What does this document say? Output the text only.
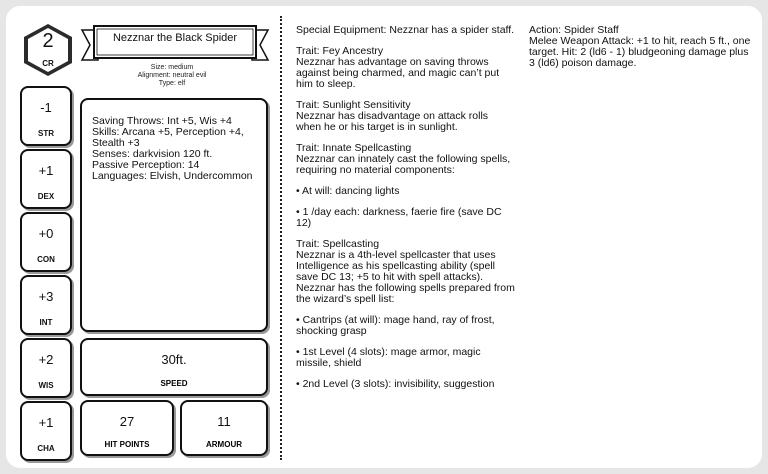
2
CR
Nezznar the Black Spider
Size: medium
Alignment: neutral evil
Type: elf
-1
STR
+1
DEX
+0
CON
+3
INT
+2
WIS
+1
CHA
Saving Throws: Int +5, Wis +4
Skills: Arcana +5, Perception +4,
Stealth +3
Senses: darkvision 120 ft.
Passive Perception: 14
Languages: Elvish, Undercommon
30ft.
SPEED
27
HIT POINTS
11
ARMOUR

Special Equipment: Nezznar has a spider staff.

Trait: Fey Ancestry
Nezznar has advantage on saving throws against being charmed, and magic can’t put him to sleep.

Trait: Sunlight Sensitivity
Nezznar has disadvantage on attack rolls when he or his target is in sunlight.

Trait: Innate Spellcasting
Nezznar can innately cast the following spells, requiring no material components:

• At will: dancing lights

• 1 /day each: darkness, faerie fire (save DC 12)

Trait: Spellcasting
Nezznar is a 4th-level spellcaster that uses Intelligence as his spellcasting ability (spell save DC 13; +5 to hit with spell attacks). Nezznar has the following spells prepared from the wizard’s spell list:

• Cantrips (at will): mage hand, ray of frost, shocking grasp

• 1st Level (4 slots): mage armor, magic missile, shield

• 2nd Level (3 slots): invisibility, suggestion

Action: Spider Staff
Melee Weapon Attack: +1 to hit, reach 5 ft., one target. Hit: 2 (ld6 - 1) bludgeoning damage plus 3 (ld6) poison damage.
